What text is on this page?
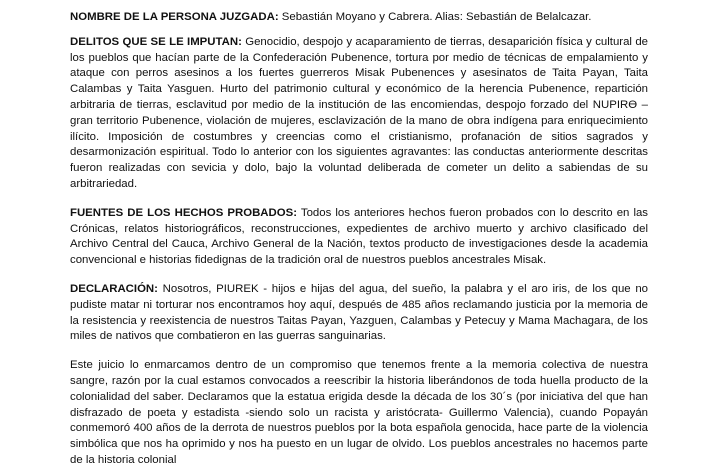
NOMBRE DE LA PERSONA JUZGADA: Sebastián Moyano y Cabrera. Alias: Sebastián de Belalcazar.

DELITOS QUE SE LE IMPUTAN: Genocidio, despojo y acaparamiento de tierras, desaparición física y cultural de los pueblos que hacían parte de la Confederación Pubenence, tortura por medio de técnicas de empalamiento y ataque con perros asesinos a los fuertes guerreros Misak Pubenences y asesinatos de Taita Payan, Taita Calambas y Taita Yasguen. Hurto del patrimonio cultural y económico de la herencia Pubenence, repartición arbitraria de tierras, esclavitud por medio de la institución de las encomiendas, despojo forzado del NUPIRƟ – gran territorio Pubenence, violación de mujeres, esclavización de la mano de obra indígena para enriquecimiento ilícito. Imposición de costumbres y creencias como el cristianismo, profanación de sitios sagrados y desarmonización espiritual. Todo lo anterior con los siguientes agravantes: las conductas anteriormente descritas fueron realizadas con sevicia y dolo, bajo la voluntad deliberada de cometer un delito a sabiendas de su arbitrariedad.

FUENTES DE LOS HECHOS PROBADOS: Todos los anteriores hechos fueron probados con lo descrito en las Crónicas, relatos historiográficos, reconstrucciones, expedientes de archivo muerto y archivo clasificado del Archivo Central del Cauca, Archivo General de la Nación, textos producto de investigaciones desde la academia convencional e historias fidedignas de la tradición oral de nuestros pueblos ancestrales Misak.

DECLARACIÓN: Nosotros, PIUREK - hijos e hijas del agua, del sueño, la palabra y el aro iris, de los que no pudiste matar ni torturar nos encontramos hoy aquí, después de 485 años reclamando justicia por la memoria de la resistencia y reexistencia de nuestros Taitas Payan, Yazguen, Calambas y Petecuy y Mama Machagara, de los miles de nativos que combatieron en las guerras sanguinarias.

Este juicio lo enmarcamos dentro de un compromiso que tenemos frente a la memoria colectiva de nuestra sangre, razón por la cual estamos convocados a reescribir la historia liberándonos de toda huella producto de la colonialidad del saber. Declaramos que la estatua erigida desde la década de los 30´s (por iniciativa del que han disfrazado de poeta y estadista -siendo solo un racista y aristócrata- Guillermo Valencia), cuando Popayán conmemoró 400 años de la derrota de nuestros pueblos por la bota española genocida, hace parte de la violencia simbólica que nos ha oprimido y nos ha puesto en un lugar de olvido. Los pueblos ancestrales no hacemos parte de la historia colonial
